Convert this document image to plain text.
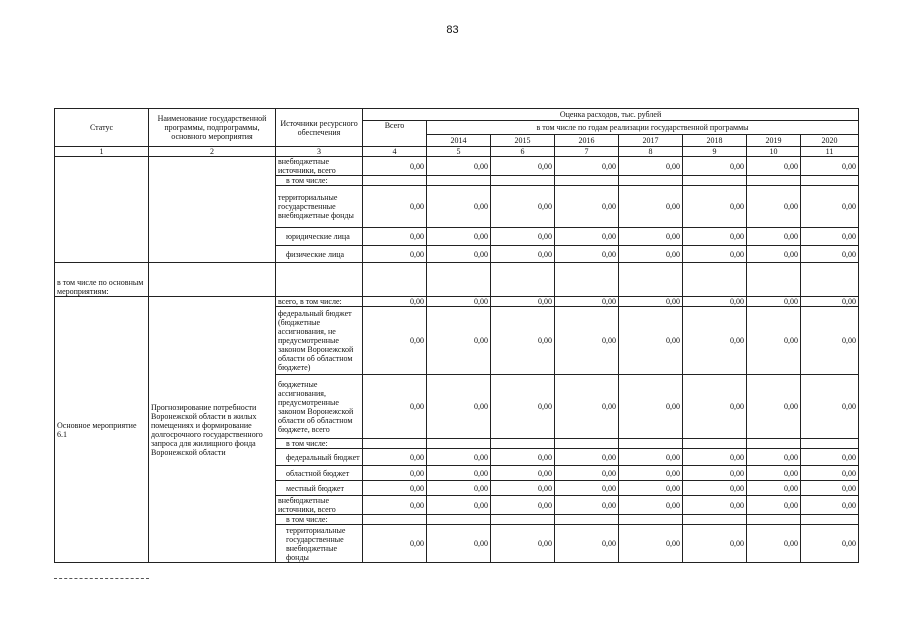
83
Статус	Наименование государственной программы, подпрограммы, основного мероприятия	Источники ресурсного обеспечения	Оценка расходов, тыс. рублей							
			Всего	в том числе по годам реализации государственной программы						
				2014	2015	2016	2017	2018	2019	2020
1	2	3	4	5	6	7	8	9	10	11
		внебюджетные источники, всего	0,00	0,00	0,00	0,00	0,00	0,00	0,00	0,00
		в том числе:								
		территориальные государственные внебюджетные фонды	0,00	0,00	0,00	0,00	0,00	0,00	0,00	0,00
		юридические лица	0,00	0,00	0,00	0,00	0,00	0,00	0,00	0,00
		физические лица	0,00	0,00	0,00	0,00	0,00	0,00	0,00	0,00
в том числе по основным мероприятиям:										
Основное мероприятие 6.1	Прогнозирование потребности Воронежской области в жилых помещениях и формирование долгосрочного государственного запроса для жилищного фонда Воронежской области	всего, в том числе:	0,00	0,00	0,00	0,00	0,00	0,00	0,00	0,00
		федеральный бюджет (бюджетные ассигнования, не предусмотренные законом Воронежской области об областном бюджете)	0,00	0,00	0,00	0,00	0,00	0,00	0,00	0,00
		бюджетные ассигнования, предусмотренные законом Воронежской области об областном бюджете, всего	0,00	0,00	0,00	0,00	0,00	0,00	0,00	0,00
		в том числе:								
		федеральный бюджет	0,00	0,00	0,00	0,00	0,00	0,00	0,00	0,00
		областной бюджет	0,00	0,00	0,00	0,00	0,00	0,00	0,00	0,00
		местный бюджет	0,00	0,00	0,00	0,00	0,00	0,00	0,00	0,00
		внебюджетные источники, всего	0,00	0,00	0,00	0,00	0,00	0,00	0,00	0,00
		в том числе:								
		территориальные государственные внебюджетные фонды	0,00	0,00	0,00	0,00	0,00	0,00	0,00	0,00
